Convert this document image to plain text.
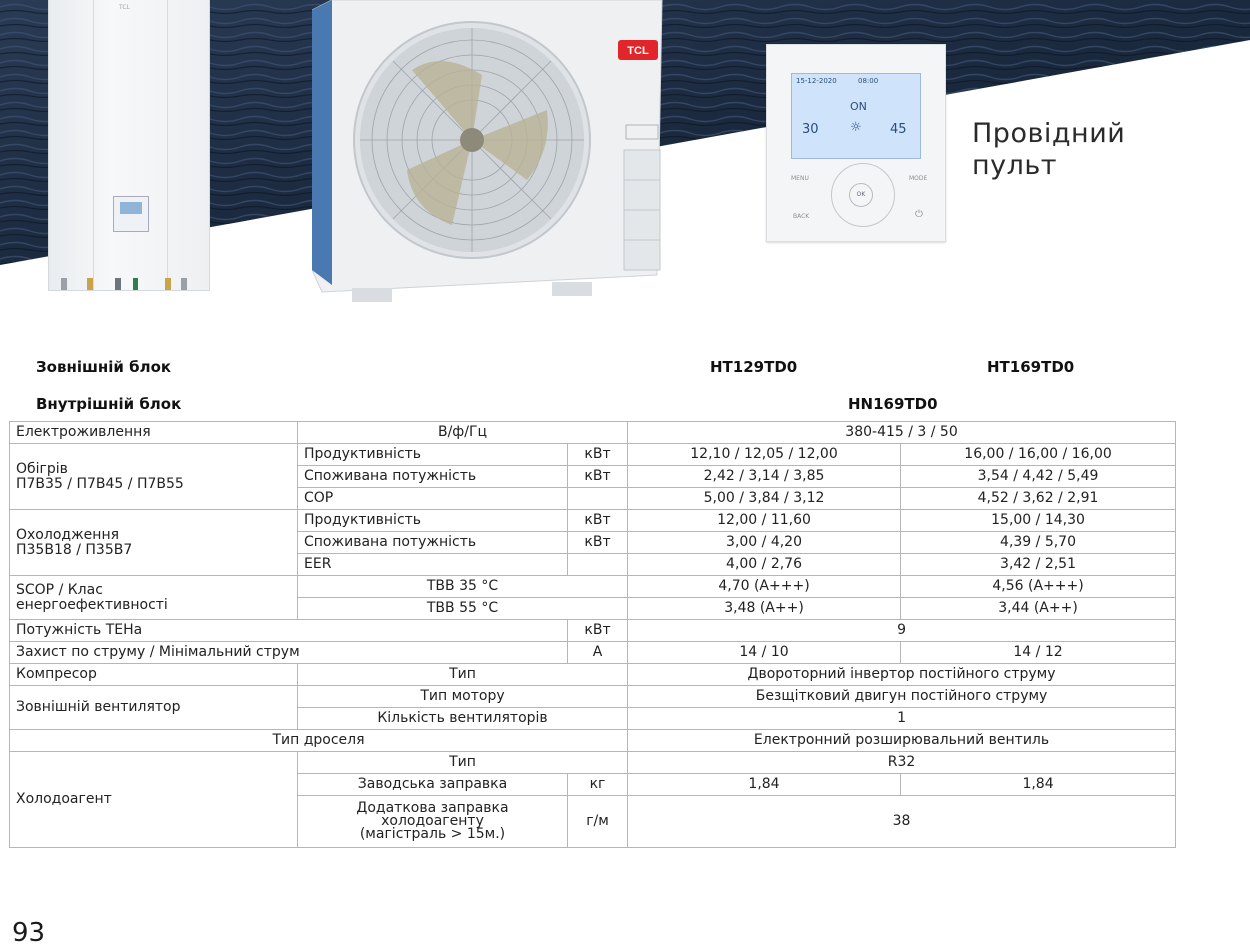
TCL
TCL
15-12-2020	08:00
ON
30 ☼ 45
MENU	MODE
BACK	⏻
OK
Провідний
пульт
Зовнішній блок	HT129TD0	HT169TD0
Внутрішній блок	HN169TD0
Електроживлення	В/ф/Гц		380-415 / 3 / 50	

Обігрів
П7В35 / П7В45 / П7В55	Продуктивність	кВт	12,10 / 12,05 / 12,00	16,00 / 16,00 / 16,00
	Споживана потужність	кВт	2,42 / 3,14 / 3,85	3,54 / 4,42 / 5,49
	COP		5,00 / 3,84 / 3,12	4,52 / 3,62 / 2,91

Охолодження
П35В18 / П35В7	Продуктивність	кВт	12,00 / 11,60	15,00 / 14,30
	Споживана потужність	кВт	3,00 / 4,20	4,39 / 5,70
	EER		4,00 / 2,76	3,42 / 2,51

SCOP / Клас
енергоефективності	ТВВ 35 °С		4,70 (А+++)	4,56 (А+++)
	ТВВ 55 °С		3,48 (А++)	3,44 (А++)
Потужність ТЕНа		кВт	9	
Захист по струму / Мінімальний струм		А	14 / 10	14 / 12
Компресор	Тип		Двороторний інвертор постійного струму	
Зовнішній вентилятор	Тип мотору		Безщітковий двигун постійного струму	
	Кількість вентиляторів		1	
Тип дроселя			Електронний розширювальний вентиль	
Холодоагент	Тип		R32	
	Заводська заправка	кг	1,84	1,84

	Додаткова заправка
холодоагенту
(магістраль > 15м.)	г/м	38	
93
